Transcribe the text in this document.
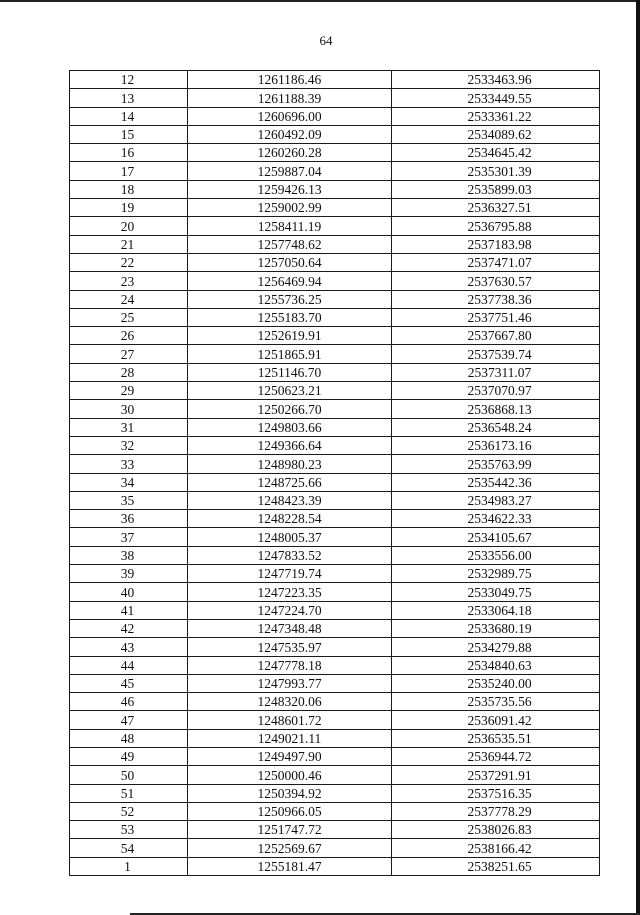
64
12	1261186.46	2533463.96
13	1261188.39	2533449.55
14	1260696.00	2533361.22
15	1260492.09	2534089.62
16	1260260.28	2534645.42
17	1259887.04	2535301.39
18	1259426.13	2535899.03
19	1259002.99	2536327.51
20	1258411.19	2536795.88
21	1257748.62	2537183.98
22	1257050.64	2537471.07
23	1256469.94	2537630.57
24	1255736.25	2537738.36
25	1255183.70	2537751.46
26	1252619.91	2537667.80
27	1251865.91	2537539.74
28	1251146.70	2537311.07
29	1250623.21	2537070.97
30	1250266.70	2536868.13
31	1249803.66	2536548.24
32	1249366.64	2536173.16
33	1248980.23	2535763.99
34	1248725.66	2535442.36
35	1248423.39	2534983.27
36	1248228.54	2534622.33
37	1248005.37	2534105.67
38	1247833.52	2533556.00
39	1247719.74	2532989.75
40	1247223.35	2533049.75
41	1247224.70	2533064.18
42	1247348.48	2533680.19
43	1247535.97	2534279.88
44	1247778.18	2534840.63
45	1247993.77	2535240.00
46	1248320.06	2535735.56
47	1248601.72	2536091.42
48	1249021.11	2536535.51
49	1249497.90	2536944.72
50	1250000.46	2537291.91
51	1250394.92	2537516.35
52	1250966.05	2537778.29
53	1251747.72	2538026.83
54	1252569.67	2538166.42
1	1255181.47	2538251.65
